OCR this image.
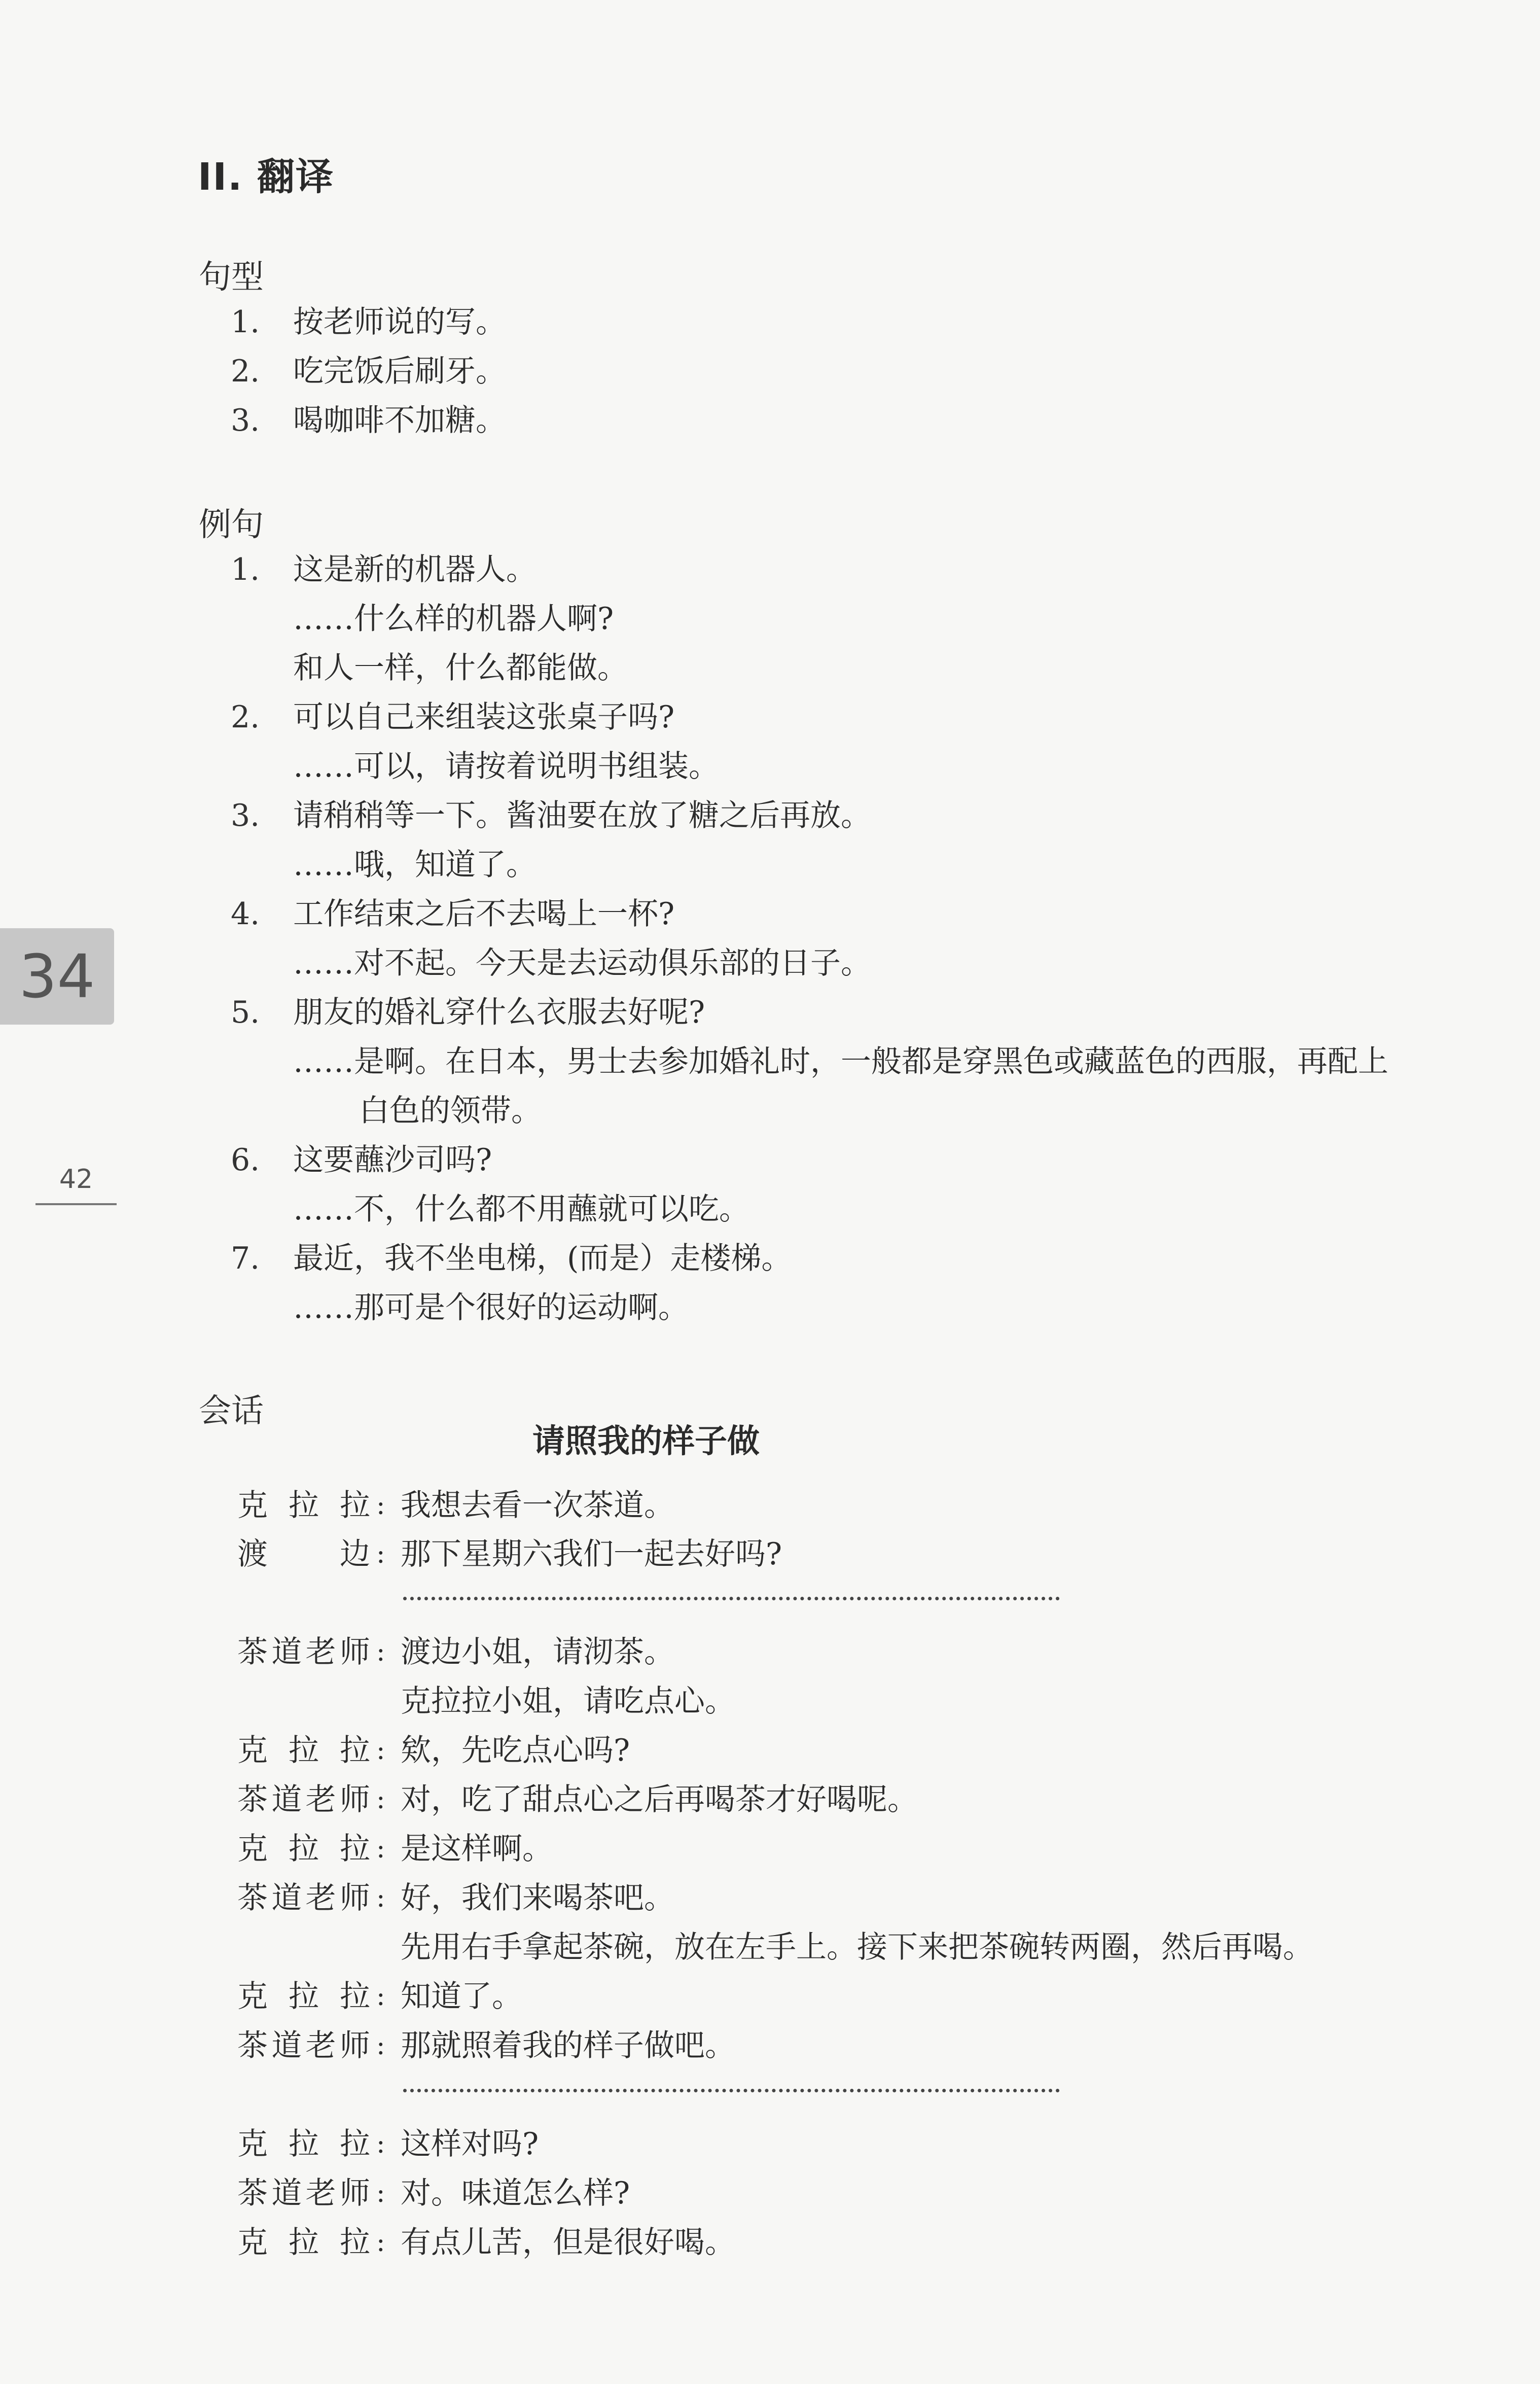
II. 翻译
句型
1. 按老师说的写。
2. 吃完饭后刷牙。
3. 喝咖啡不加糖。
例句
1. 这是新的机器人。
……什么样的机器人啊?
和人一样，什么都能做。
2. 可以自己来组装这张桌子吗?
……可以，请按着说明书组装。
3. 请稍稍等一下。酱油要在放了糖之后再放。
……哦，知道了。
4. 工作结束之后不去喝上一杯?
……对不起。今天是去运动俱乐部的日子。
5. 朋友的婚礼穿什么衣服去好呢?
……是啊。在日本，男士去参加婚礼时，一般都是穿黑色或藏蓝色的西服，再配上
白色的领带。
6. 这要蘸沙司吗?
……不，什么都不用蘸就可以吃。
7. 最近，我不坐电梯，(而是）走楼梯。
……那可是个很好的运动啊。
会话
请照我的样子做
克拉拉 : 我想去看一次茶道。
渡边 : 那下星期六我们一起去好吗?
茶道老师 : 渡边小姐，请沏茶。
克拉拉小姐，请吃点心。
克拉拉 : 欸，先吃点心吗?
茶道老师 : 对，吃了甜点心之后再喝茶才好喝呢。
克拉拉 : 是这样啊。
茶道老师 : 好，我们来喝茶吧。
先用右手拿起茶碗，放在左手上。接下来把茶碗转两圈，然后再喝。
克拉拉 : 知道了。
茶道老师 : 那就照着我的样子做吧。
克拉拉 : 这样对吗?
茶道老师 : 对。味道怎么样?
克拉拉 : 有点儿苦，但是很好喝。
34
42
